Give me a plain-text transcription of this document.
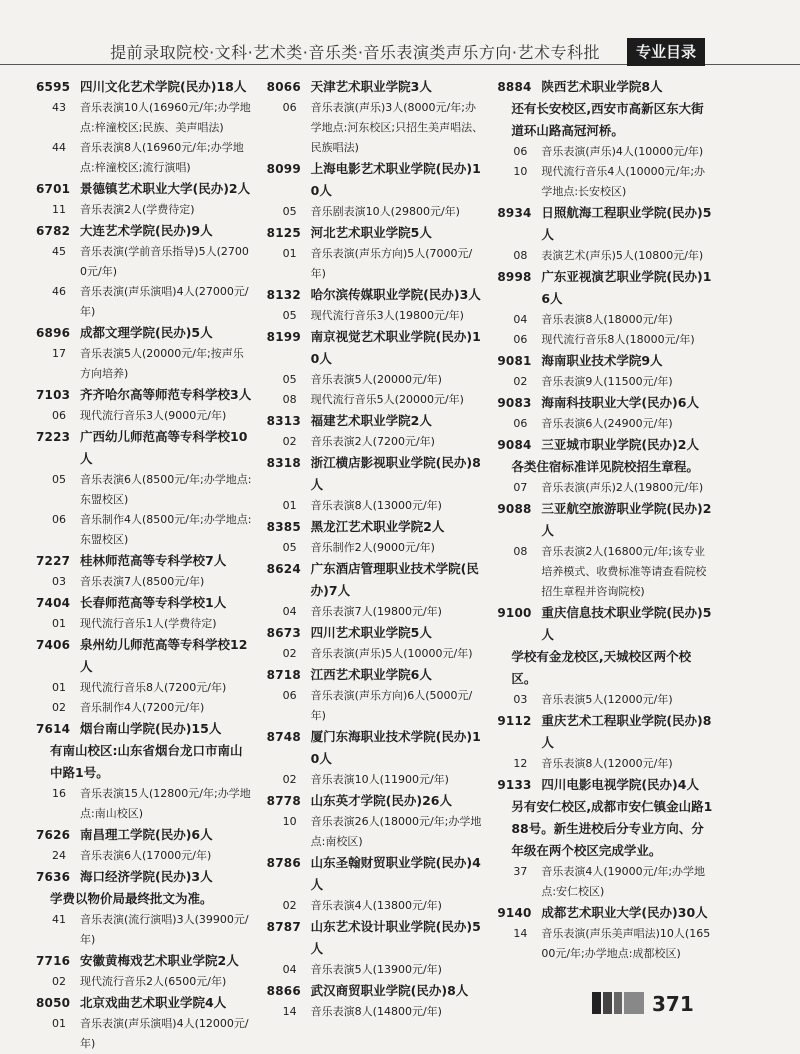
提前录取院校·文科·艺术类·音乐类·音乐表演类声乐方向·艺术专科批	专业目录
6595 四川文化艺术学院(民办)18人
43	音乐表演10人(16960元/年;办学地点:梓潼校区;民族、美声唱法)
44	音乐表演8人(16960元/年;办学地点:梓潼校区;流行演唱)
6701 景德镇艺术职业大学(民办)2人
11	音乐表演2人(学费待定)
6782 大连艺术学院(民办)9人
45	音乐表演(学前音乐指导)5人(27000元/年)
46	音乐表演(声乐演唱)4人(27000元/年)
6896 成都文理学院(民办)5人
17	音乐表演5人(20000元/年;按声乐方向培养)
7103 齐齐哈尔高等师范专科学校3人
06	现代流行音乐3人(9000元/年)
7223 广西幼儿师范高等专科学校10人
05	音乐表演6人(8500元/年;办学地点:东盟校区)
06	音乐制作4人(8500元/年;办学地点:东盟校区)
7227 桂林师范高等专科学校7人
03	音乐表演7人(8500元/年)
7404 长春师范高等专科学校1人
01	现代流行音乐1人(学费待定)
7406 泉州幼儿师范高等专科学校12人
01	现代流行音乐8人(7200元/年)
02	音乐制作4人(7200元/年)
7614 烟台南山学院(民办)15人
有南山校区:山东省烟台龙口市南山中路1号。
16	音乐表演15人(12800元/年;办学地点:南山校区)
7626 南昌理工学院(民办)6人
24	音乐表演6人(17000元/年)
7636 海口经济学院(民办)3人
学费以物价局最终批文为准。
41	音乐表演(流行演唱)3人(39900元/年)
7716 安徽黄梅戏艺术职业学院2人
02	现代流行音乐2人(6500元/年)
8050 北京戏曲艺术职业学院4人
01	音乐表演(声乐演唱)4人(12000元/年)
8066 天津艺术职业学院3人
06	音乐表演(声乐)3人(8000元/年;办学地点:河东校区;只招生美声唱法、民族唱法)
8099 上海电影艺术职业学院(民办)10人
05	音乐剧表演10人(29800元/年)
8125 河北艺术职业学院5人
01	音乐表演(声乐方向)5人(7000元/年)
8132 哈尔滨传媒职业学院(民办)3人
05	现代流行音乐3人(19800元/年)
8199 南京视觉艺术职业学院(民办)10人
05	音乐表演5人(20000元/年)
08	现代流行音乐5人(20000元/年)
8313 福建艺术职业学院2人
02	音乐表演2人(7200元/年)
8318 浙江横店影视职业学院(民办)8人
01	音乐表演8人(13000元/年)
8385 黑龙江艺术职业学院2人
05	音乐制作2人(9000元/年)
8624 广东酒店管理职业技术学院(民办)7人
04	音乐表演7人(19800元/年)
8673 四川艺术职业学院5人
02	音乐表演(声乐)5人(10000元/年)
8718 江西艺术职业学院6人
06	音乐表演(声乐方向)6人(5000元/年)
8748 厦门东海职业技术学院(民办)10人
02	音乐表演10人(11900元/年)
8778 山东英才学院(民办)26人
10	音乐表演26人(18000元/年;办学地点:南校区)
8786 山东圣翰财贸职业学院(民办)4人
02	音乐表演4人(13800元/年)
8787 山东艺术设计职业学院(民办)5人
04	音乐表演5人(13900元/年)
8866 武汉商贸职业学院(民办)8人
14	音乐表演8人(14800元/年)
8884 陕西艺术职业学院8人
还有长安校区,西安市高新区东大街道环山路高冠河桥。
06	音乐表演(声乐)4人(10000元/年)
10	现代流行音乐4人(10000元/年;办学地点:长安校区)
8934 日照航海工程职业学院(民办)5人
08	表演艺术(声乐)5人(10800元/年)
8998 广东亚视演艺职业学院(民办)16人
04	音乐表演8人(18000元/年)
06	现代流行音乐8人(18000元/年)
9081 海南职业技术学院9人
02	音乐表演9人(11500元/年)
9083 海南科技职业大学(民办)6人
06	音乐表演6人(24900元/年)
9084 三亚城市职业学院(民办)2人
各类住宿标准详见院校招生章程。
07	音乐表演(声乐)2人(19800元/年)
9088 三亚航空旅游职业学院(民办)2人
08	音乐表演2人(16800元/年;该专业培养模式、收费标准等请查看院校招生章程并咨询院校)
9100 重庆信息技术职业学院(民办)5人
学校有金龙校区,天城校区两个校区。
03	音乐表演5人(12000元/年)
9112 重庆艺术工程职业学院(民办)8人
12	音乐表演8人(12000元/年)
9133 四川电影电视学院(民办)4人
另有安仁校区,成都市安仁镇金山路188号。新生进校后分专业方向、分年级在两个校区完成学业。
37	音乐表演4人(19000元/年;办学地点:安仁校区)
9140 成都艺术职业大学(民办)30人
14	音乐表演(声乐美声唱法)10人(16500元/年;办学地点:成都校区)
371
